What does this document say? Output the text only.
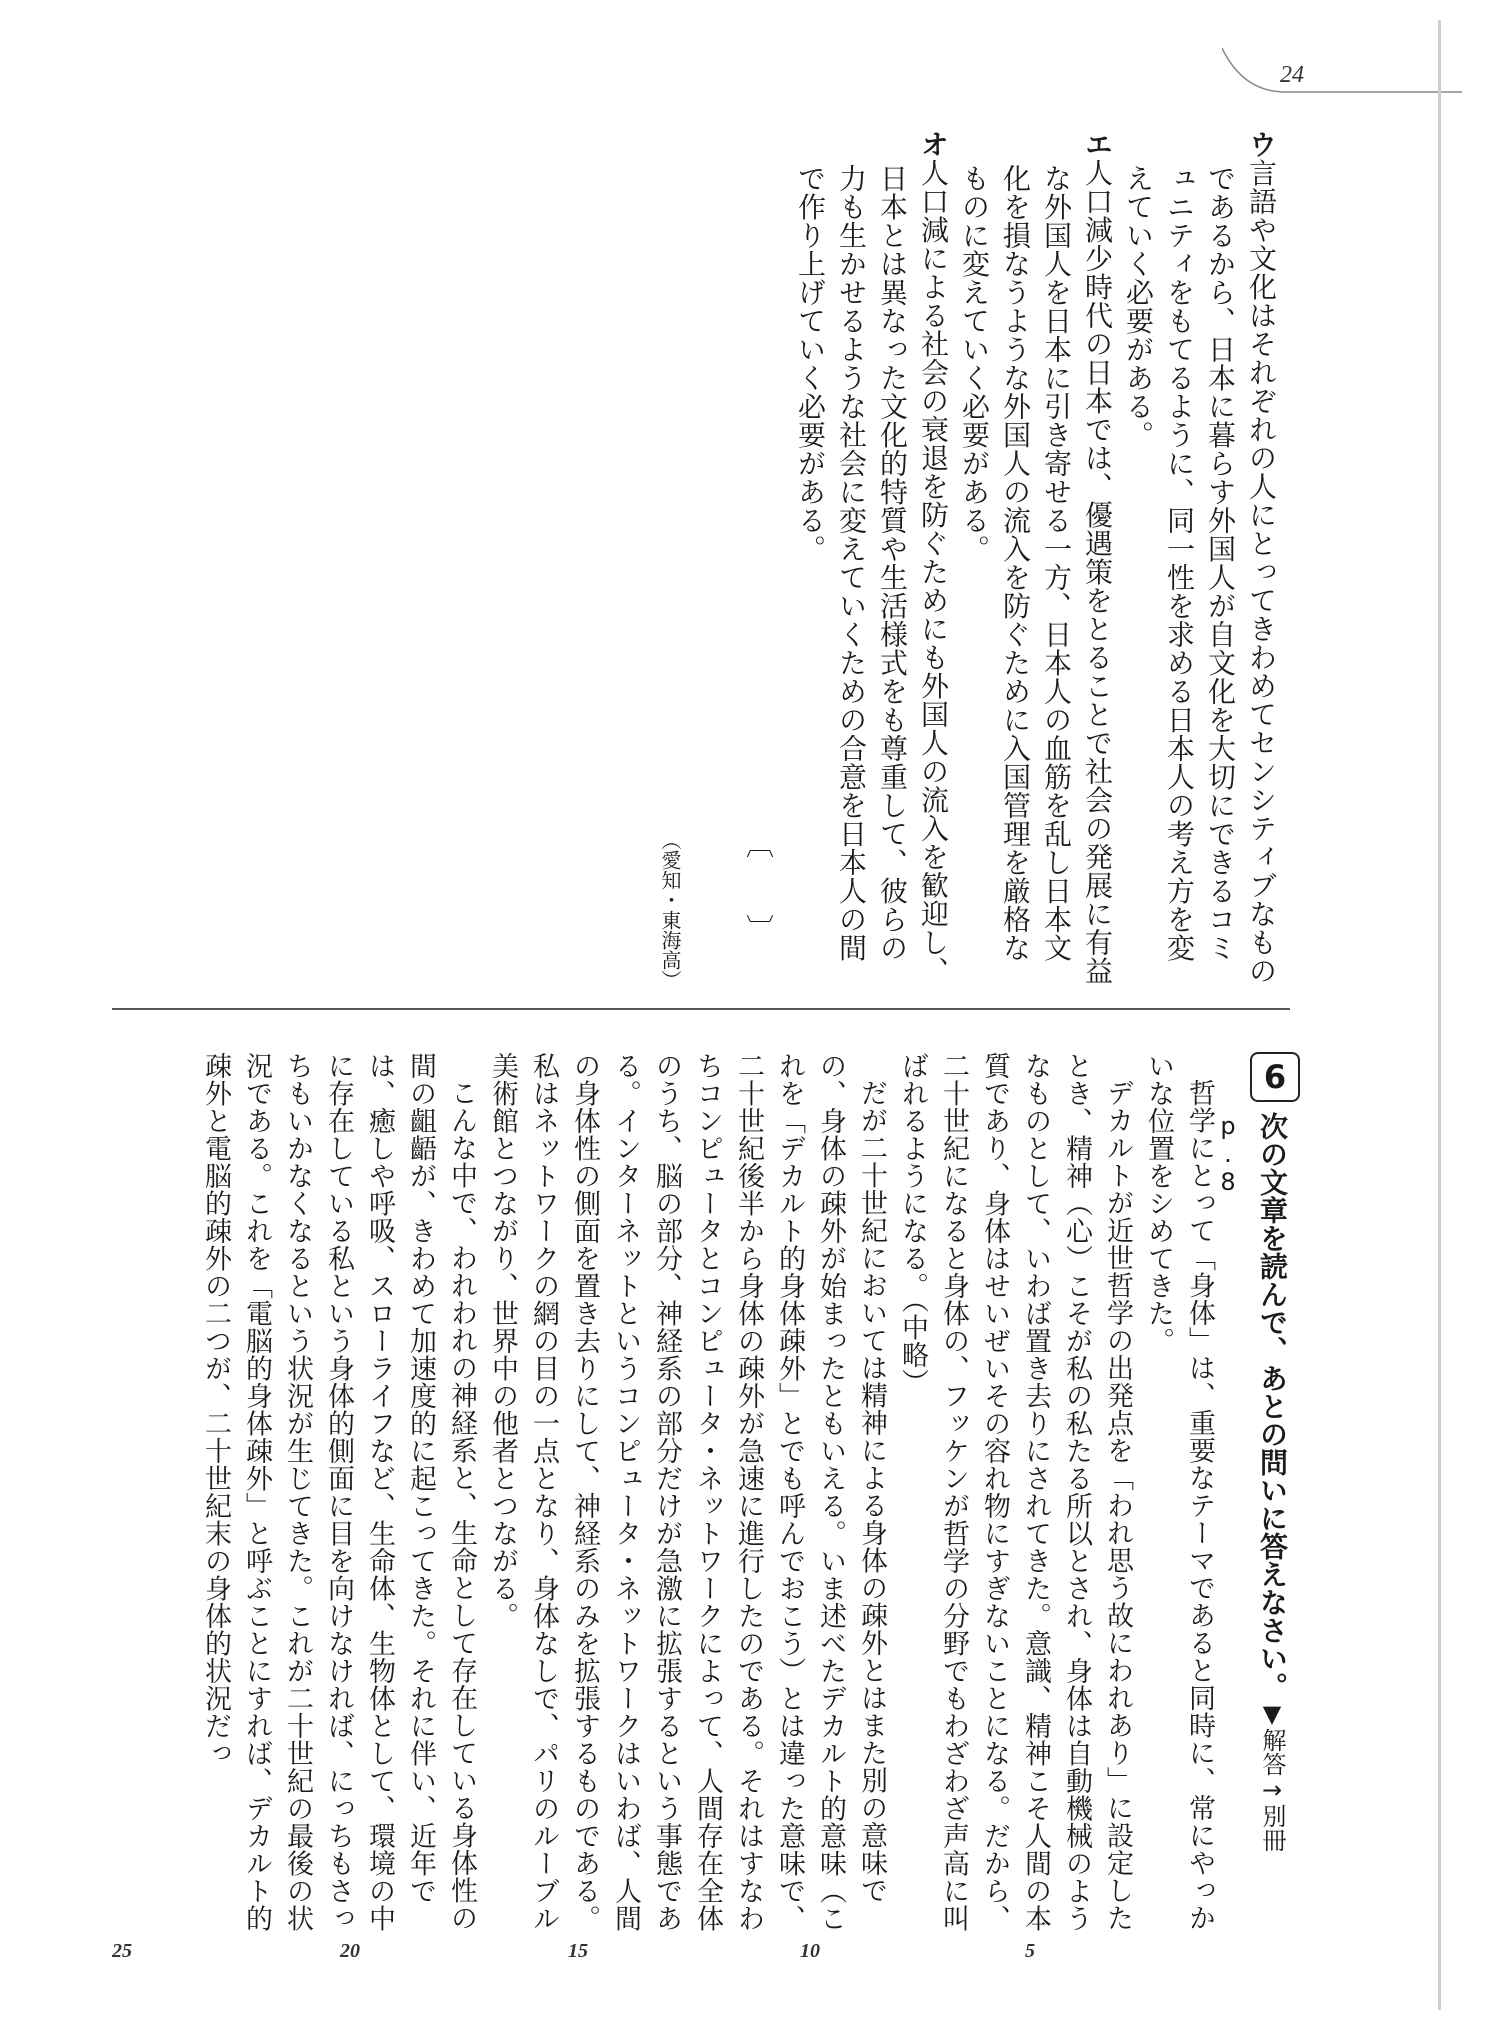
24
ウ言語や文化はそれぞれの人にとってきわめてセンシティブなものであるから、日本に暮らす外国人が自文化を大切にできるコミュニティをもてるように、同一性を求める日本人の考え方を変えていく必要がある。
エ人口減少時代の日本では、優遇策をとることで社会の発展に有益な外国人を日本に引き寄せる一方、日本人の血筋を乱し日本文化を損なうような外国人の流入を防ぐために入国管理を厳格なものに変えていく必要がある。
オ人口減による社会の衰退を防ぐためにも外国人の流入を歓迎し、日本とは異なった文化的特質や生活様式をも尊重して、彼らの力も生かせるような社会に変えていくための合意を日本人の間で作り上げていく必要がある。
〔　　〕
（愛知・東海高）
6
次の文章を読んで、あとの問いに答えなさい。▼解答→別冊 p.8

哲学にとって「身体」は、重要なテーマであると同時に、常にやっかいな位置をシめてきた。

デカルトが近世哲学の出発点を「われ思う故にわれあり」に設定したとき、精神（心）こそが私の私たる所以とされ、身体は自動機械のようなものとして、いわば置き去りにされてきた。意識、精神こそ人間の本質であり、身体はせいぜいその容れ物にすぎないことになる。だから、二十世紀になると身体の、フッケンが哲学の分野でもわざわざ声高に叫ばれるようになる。（中略）

だが二十世紀においては精神による身体の疎外とはまた別の意味での、身体の疎外が始まったともいえる。いま述べたデカルト的意味（これを「デカルト的身体疎外」とでも呼んでおこう）とは違った意味で、二十世紀後半から身体の疎外が急速に進行したのである。それはすなわちコンピュータとコンピュータ・ネットワークによって、人間存在全体のうち、脳の部分、神経系の部分だけが急激に拡張するという事態である。インターネットというコンピュータ・ネットワークはいわば、人間の身体性の側面を置き去りにして、神経系のみを拡張するものである。私はネットワークの網の目の一点となり、身体なしで、パリのルーブル美術館とつながり、世界中の他者とつながる。

こんな中で、われわれの神経系と、生命として存在している身体性の間の齟齬が、きわめて加速度的に起こってきた。それに伴い、近年では、癒しや呼吸、スローライフなど、生命体、生物体として、環境の中に存在している私という身体的側面に目を向けなければ、にっちもさっちもいかなくなるという状況が生じてきた。これが二十世紀の最後の状況である。これを「電脳的身体疎外」と呼ぶことにすれば、デカルト的疎外と電脳的疎外の二つが、二十世紀末の身体的状況だっ

5
10
15
20
25
